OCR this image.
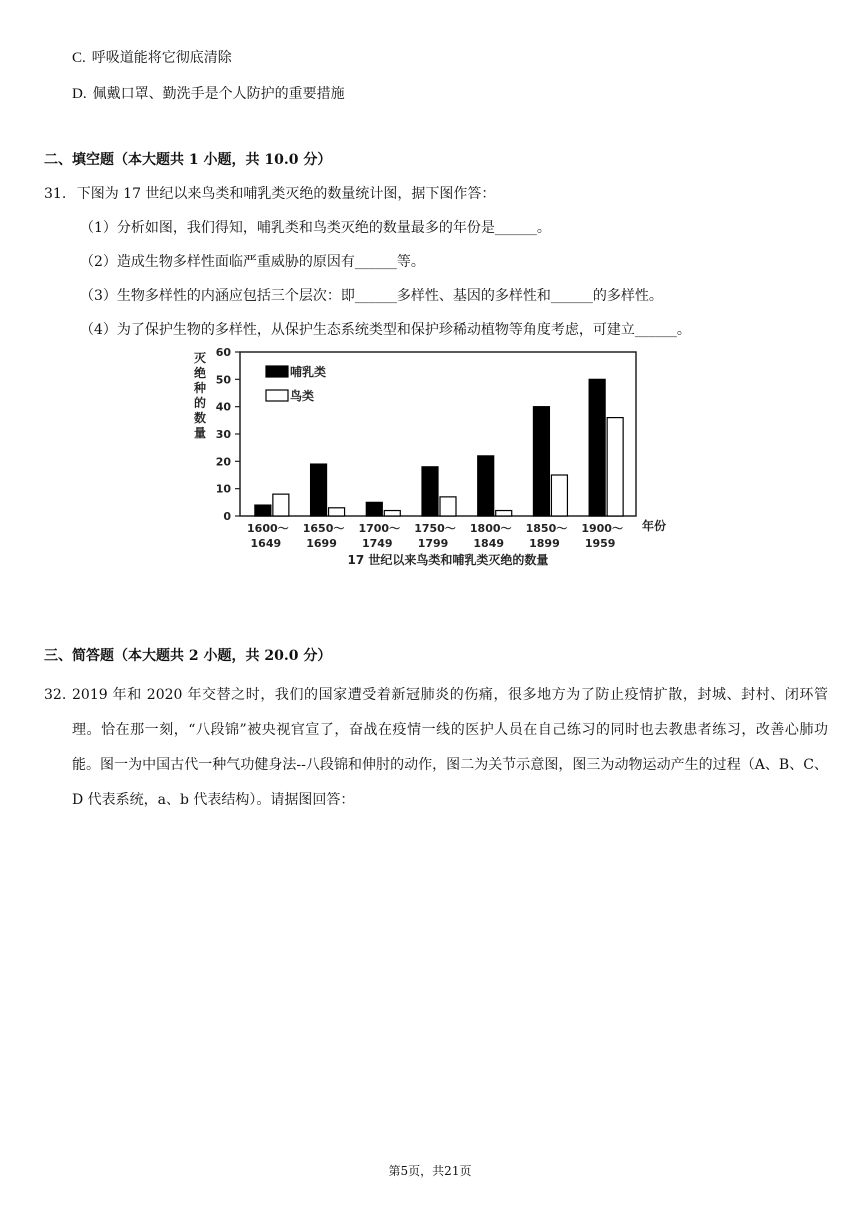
C. 呼吸道能将它彻底清除
D. 佩戴口罩、勤洗手是个人防护的重要措施
二、填空题（本大题共 1 小题，共 10.0 分）
31. 下图为 17 世纪以来鸟类和哺乳类灭绝的数量统计图，据下图作答：
（1）分析如图，我们得知，哺乳类和鸟类灭绝的数量最多的年份是______。
（2）造成生物多样性面临严重威胁的原因有______等。
（3）生物多样性的内涵应包括三个层次：即______多样性、基因的多样性和______的多样性。
（4）为了保护生物的多样性，从保护生态系统类型和保护珍稀动植物等角度考虑，可建立______。
0
10
20
30
40
50
60
灭
绝
种
的
数
量
1600～
1649
1650～
1699
1700～
1749
1750～
1799
1800～
1849
1850～
1899
1900～
1959
年份
哺乳类
鸟类
17 世纪以来鸟类和哺乳类灭绝的数量
三、简答题（本大题共 2 小题，共 20.0 分）
32. 2019 年和 2020 年交替之时，我们的国家遭受着新冠肺炎的伤痛，很多地方为了防止疫情扩散，封城、封村、闭环管理。恰在那一刻，“八段锦”被央视官宣了，奋战在疫情一线的医护人员在自己练习的同时也去教患者练习，改善心肺功能。图一为中国古代一种气功健身法--八段锦和伸肘的动作，图二为关节示意图，图三为动物运动产生的过程（A、B、C、D 代表系统，a、b 代表结构）。请据图回答：
第5页，共21页
